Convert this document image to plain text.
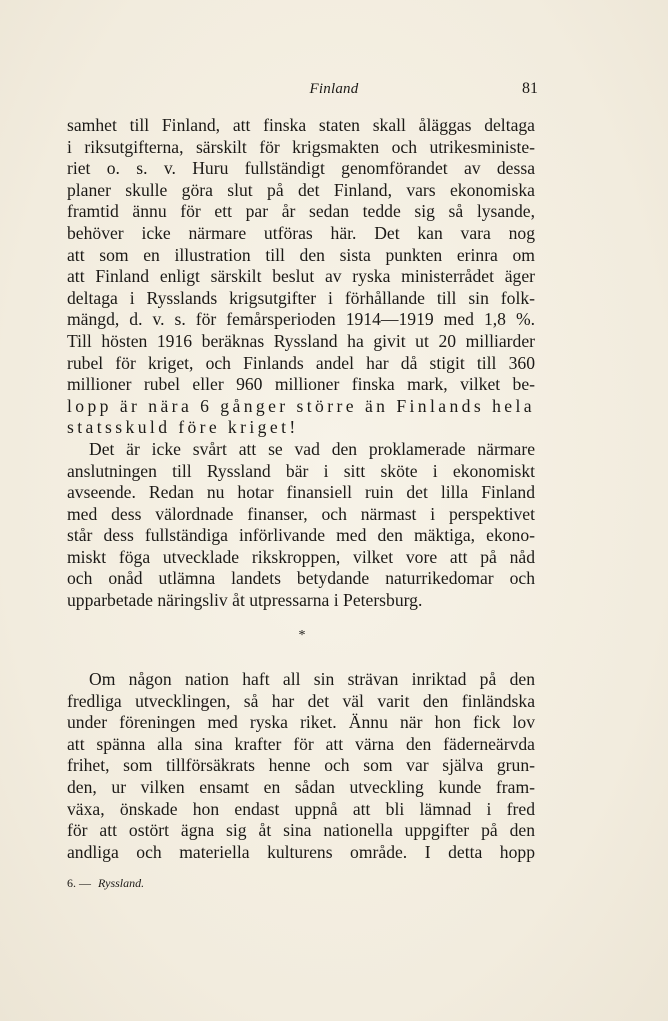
Finland	81
samhet till Finland, att finska staten skall åläggas deltaga
i riksutgifterna, särskilt för krigsmakten och utrikesministe-
riet o. s. v. Huru fullständigt genomförandet av dessa
planer skulle göra slut på det Finland, vars ekonomiska
framtid ännu för ett par år sedan tedde sig så lysande,
behöver icke närmare utföras här. Det kan vara nog
att som en illustration till den sista punkten erinra om
att Finland enligt särskilt beslut av ryska ministerrådet äger
deltaga i Rysslands krigsutgifter i förhållande till sin folk-
mängd, d. v. s. för femårsperioden 1914—1919 med 1,8 %.
Till hösten 1916 beräknas Ryssland ha givit ut 20 milliarder
rubel för kriget, och Finlands andel har då stigit till 360
millioner rubel eller 960 millioner finska mark, vilket be-
lopp är nära 6 gånger större än Finlands hela
statsskuld före kriget!
Det är icke svårt att se vad den proklamerade närmare
anslutningen till Ryssland bär i sitt sköte i ekonomiskt
avseende. Redan nu hotar finansiell ruin det lilla Finland
med dess välordnade finanser, och närmast i perspektivet
står dess fullständiga införlivande med den mäktiga, ekono-
miskt föga utvecklade rikskroppen, vilket vore att på nåd
och onåd utlämna landets betydande naturrikedomar och
upparbetade näringsliv åt utpressarna i Petersburg.
*
Om någon nation haft all sin strävan inriktad på den
fredliga utvecklingen, så har det väl varit den finländska
under föreningen med ryska riket. Ännu när hon fick lov
att spänna alla sina krafter för att värna den fäderneärvda
frihet, som tillförsäkrats henne och som var själva grun-
den, ur vilken ensamt en sådan utveckling kunde fram-
växa, önskade hon endast uppnå att bli lämnad i fred
för att ostört ägna sig åt sina nationella uppgifter på den
andliga och materiella kulturens område. I detta hopp
6. — Ryssland.
